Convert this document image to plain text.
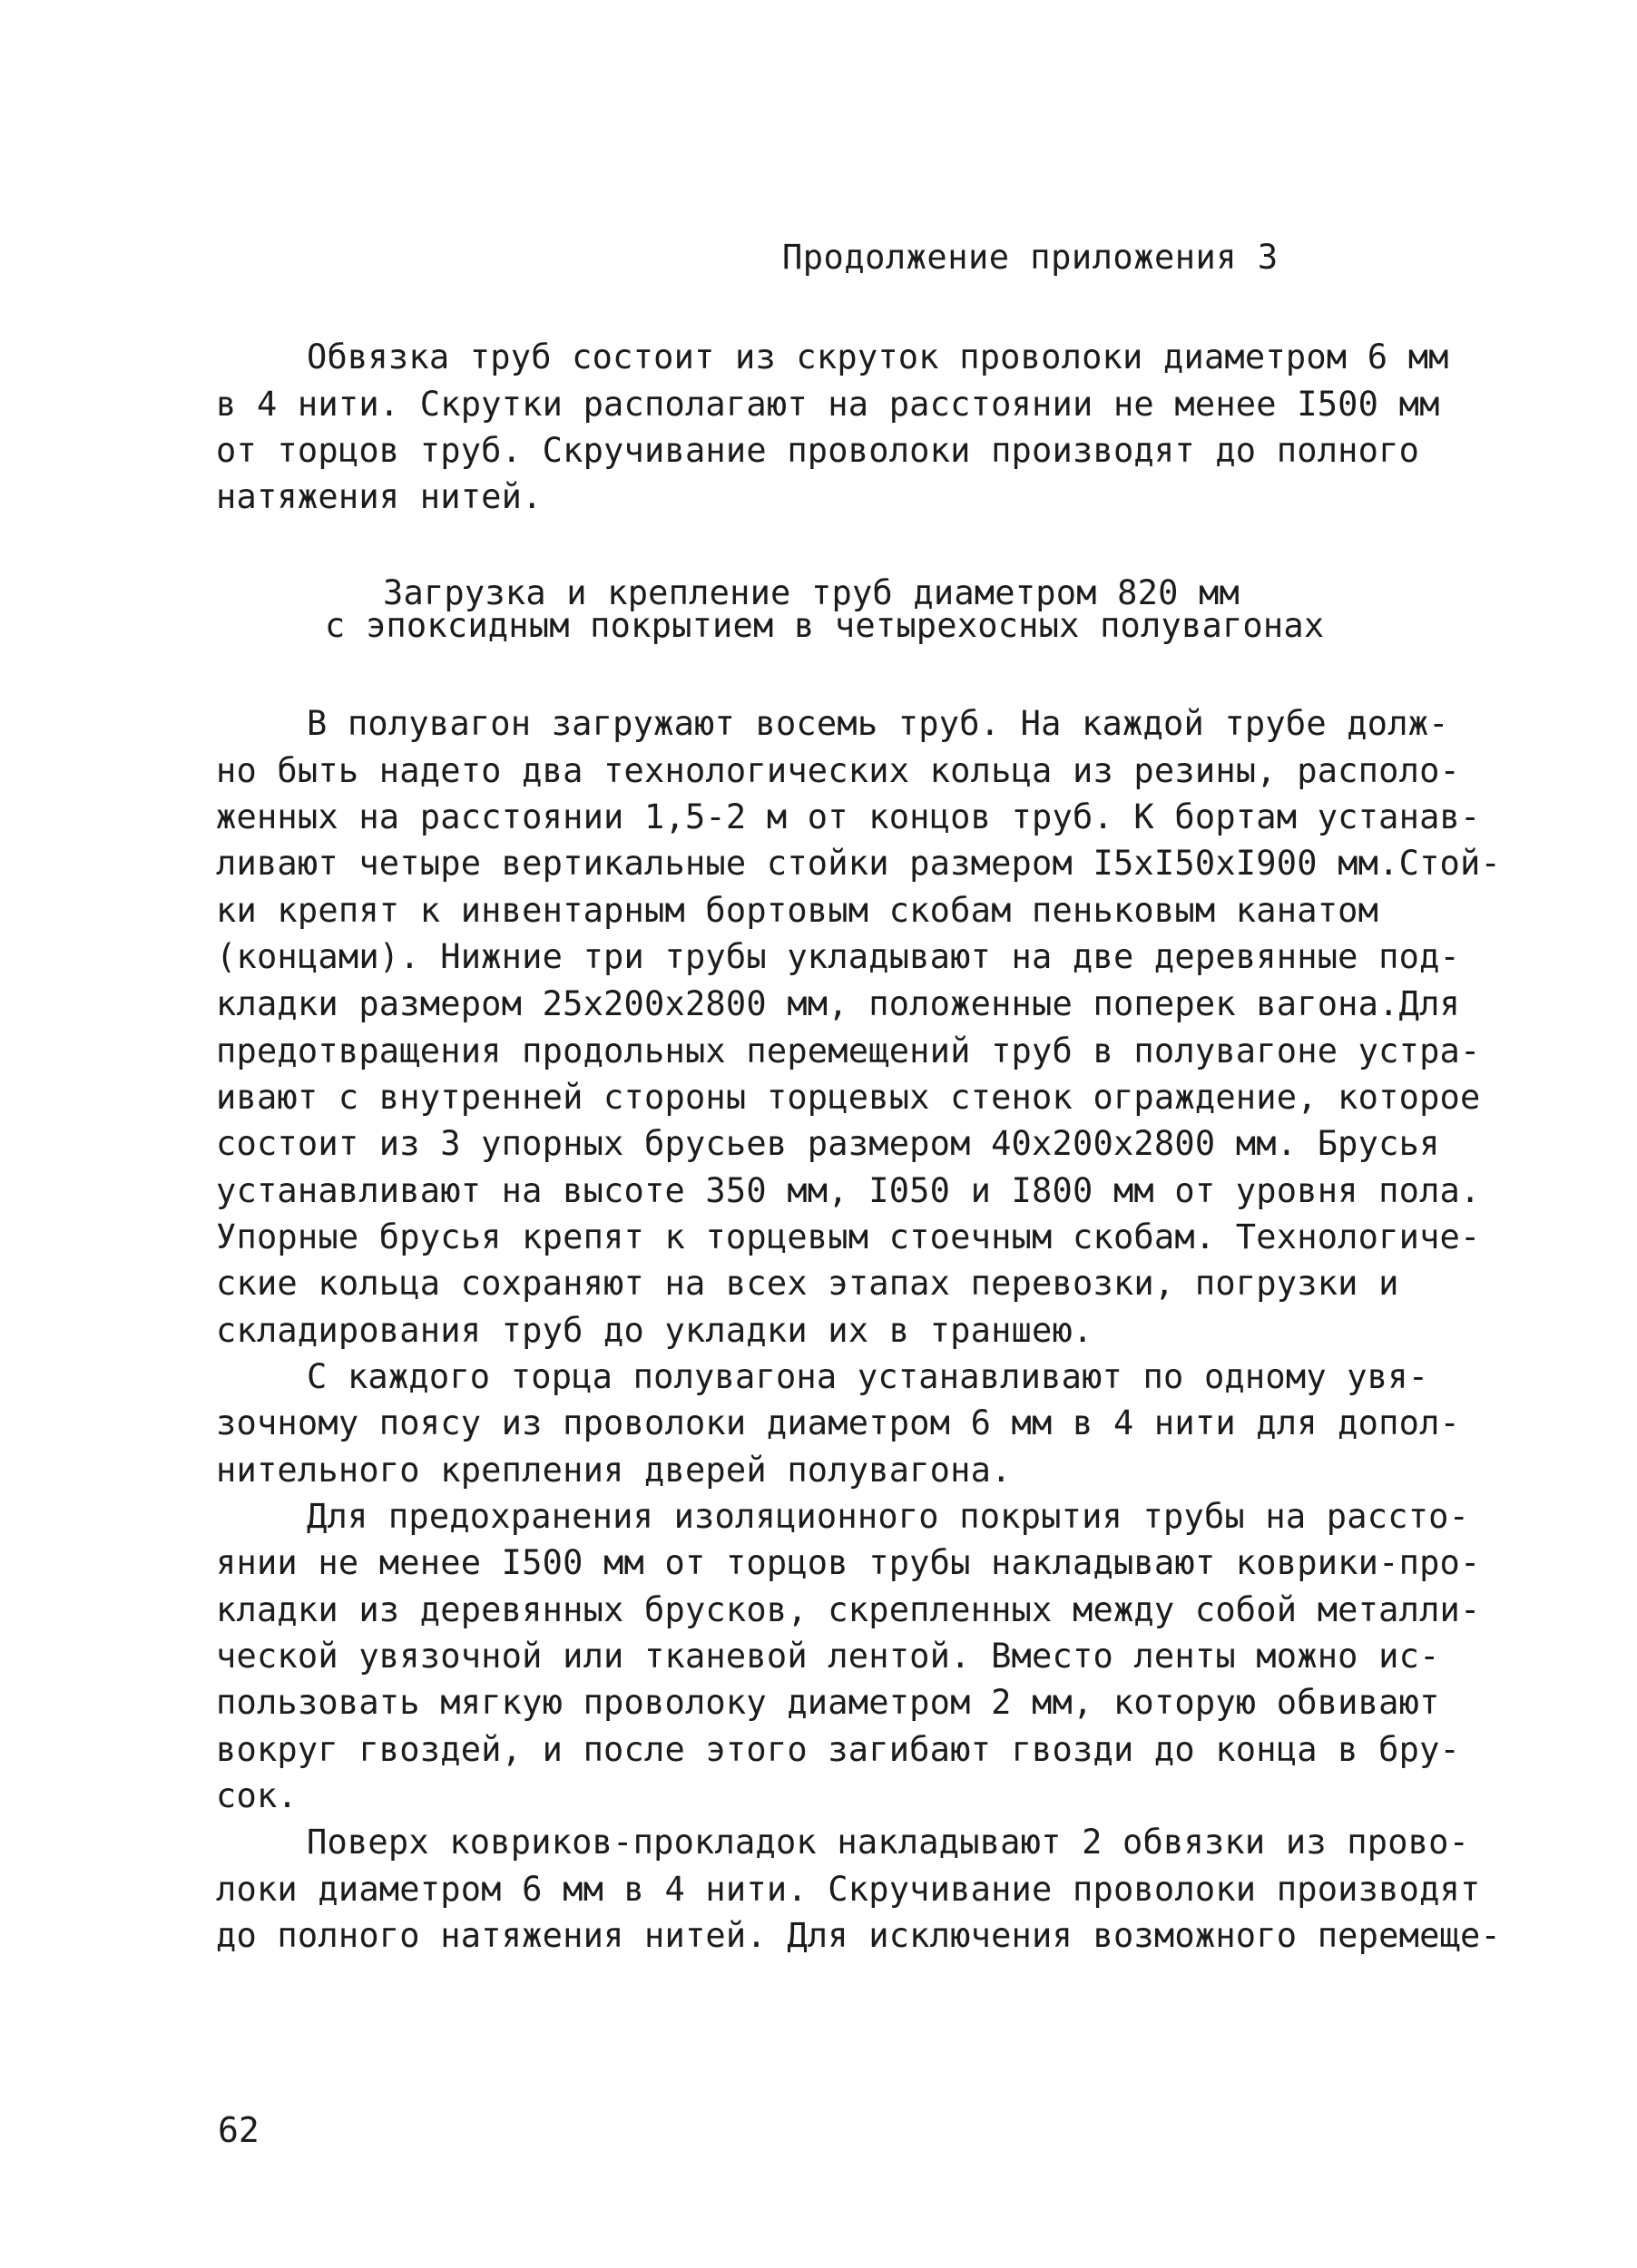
Продолжение приложения 3
Обвязка труб состоит из скруток проволоки диаметром 6 мм
в 4 нити. Скрутки располагают на расстоянии не менее I500 мм
от торцов труб. Скручивание проволоки производят до полного
натяжения нитей.
Загрузка и крепление труб диаметром 820 мм
с эпоксидным покрытием в четырехосных полувагонах
В полувагон загружают восемь труб. На каждой трубе долж-
но быть надето два технологических кольца из резины, располо-
женных на расстоянии 1,5-2 м от концов труб. К бортам устанав-
ливают четыре вертикальные стойки размером I5xI50xI900 мм.Стой-
ки крепят к инвентарным бортовым скобам пеньковым канатом
(концами). Нижние три трубы укладывают на две деревянные под-
кладки размером 25x200x2800 мм, положенные поперек вагона.Для
предотвращения продольных перемещений труб в полувагоне устра-
ивают с внутренней стороны торцевых стенок ограждение, которое
состоит из 3 упорных брусьев размером 40x200x2800 мм. Брусья
устанавливают на высоте 350 мм, I050 и I800 мм от уровня пола.
Упорные брусья крепят к торцевым стоечным скобам. Технологиче-
ские кольца сохраняют на всех этапах перевозки, погрузки и
складирования труб до укладки их в траншею.
С каждого торца полувагона устанавливают по одному увя-
зочному поясу из проволоки диаметром 6 мм в 4 нити для допол-
нительного крепления дверей полувагона.
Для предохранения изоляционного покрытия трубы на рассто-
янии не менее I500 мм от торцов трубы накладывают коврики-про-
кладки из деревянных брусков, скрепленных между собой металли-
ческой увязочной или тканевой лентой. Вместо ленты можно ис-
пользовать мягкую проволоку диаметром 2 мм, которую обвивают
вокруг гвоздей, и после этого загибают гвозди до конца в бру-
сок.
Поверх ковриков-прокладок накладывают 2 обвязки из прово-
локи диаметром 6 мм в 4 нити. Скручивание проволоки производят
до полного натяжения нитей. Для исключения возможного перемеще-
62
